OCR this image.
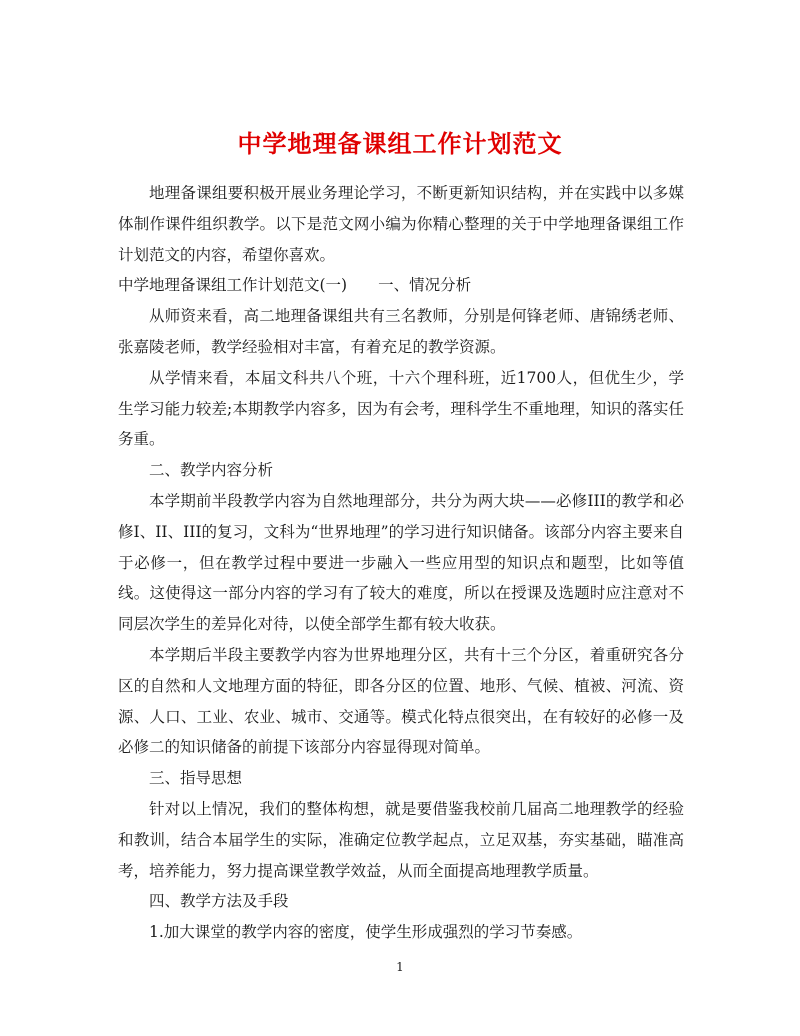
中学地理备课组工作计划范文

地理备课组要积极开展业务理论学习，不断更新知识结构，并在实践中以多媒体制作课件组织教学。以下是范文网小编为你精心整理的关于中学地理备课组工作计划范文的内容，希望你喜欢。

中学地理备课组工作计划范文(一)　　一、情况分析

从师资来看，高二地理备课组共有三名教师，分别是何锋老师、唐锦绣老师、张嘉陵老师，教学经验相对丰富，有着充足的教学资源。

从学情来看，本届文科共八个班，十六个理科班，近1700人，但优生少，学生学习能力较差;本期教学内容多，因为有会考，理科学生不重地理，知识的落实任务重。

二、教学内容分析

本学期前半段教学内容为自然地理部分，共分为两大块——必修III的教学和必修Ⅰ、II、III的复习，文科为“世界地理”的学习进行知识储备。该部分内容主要来自于必修一，但在教学过程中要进一步融入一些应用型的知识点和题型，比如等值线。这使得这一部分内容的学习有了较大的难度，所以在授课及选题时应注意对不同层次学生的差异化对待，以使全部学生都有较大收获。

本学期后半段主要教学内容为世界地理分区，共有十三个分区，着重研究各分区的自然和人文地理方面的特征，即各分区的位置、地形、气候、植被、河流、资源、人口、工业、农业、城市、交通等。模式化特点很突出，在有较好的必修一及必修二的知识储备的前提下该部分内容显得现对简单。

三、指导思想

针对以上情况，我们的整体构想，就是要借鉴我校前几届高二地理教学的经验和教训，结合本届学生的实际，准确定位教学起点，立足双基，夯实基础，瞄准高考，培养能力，努力提高课堂教学效益，从而全面提高地理教学质量。

四、教学方法及手段

1.加大课堂的教学内容的密度，使学生形成强烈的学习节奏感。

1
